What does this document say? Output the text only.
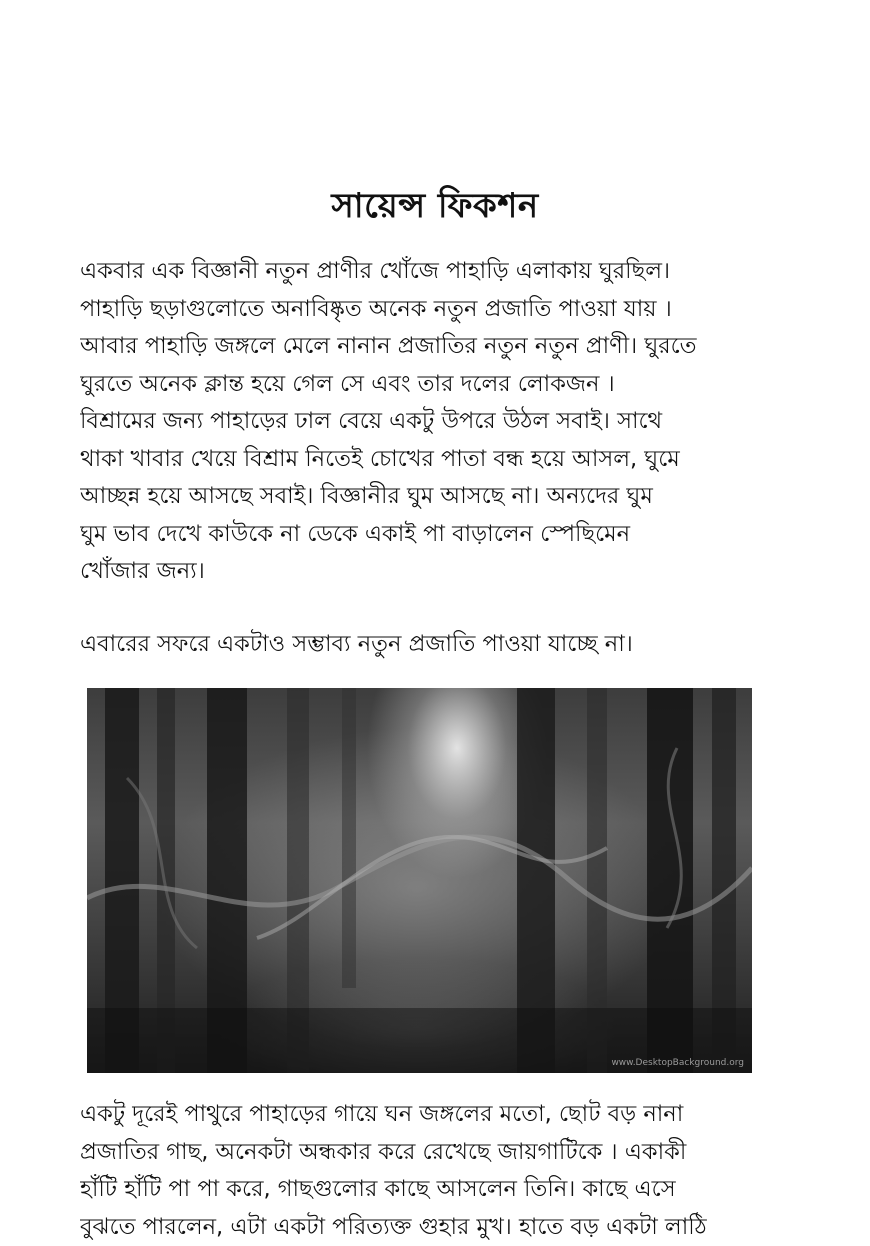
সায়েন্স ফিকশন
একবার এক বিজ্ঞানী নতুন প্রাণীর খোঁজে পাহাড়ি এলাকায় ঘুরছিল।
পাহাড়ি ছড়াগুলোতে অনাবিষ্কৃত অনেক নতুন প্রজাতি পাওয়া যায় ।
আবার পাহাড়ি জঙ্গলে মেলে নানান প্রজাতির নতুন নতুন প্রাণী। ঘুরতে
ঘুরতে অনেক ক্লান্ত হয়ে গেল সে এবং তার দলের লোকজন ।
বিশ্রামের জন্য পাহাড়ের ঢাল বেয়ে একটু উপরে উঠল সবাই। সাথে
থাকা খাবার খেয়ে বিশ্রাম নিতেই চোখের পাতা বন্ধ হয়ে আসল, ঘুমে
আচ্ছন্ন হয়ে আসছে সবাই। বিজ্ঞানীর ঘুম আসছে না। অন্যদের ঘুম
ঘুম ভাব দেখে কাউকে না ডেকে একাই পা বাড়ালেন স্পেছিমেন
খোঁজার জন্য।
এবারের সফরে একটাও সম্ভাব্য নতুন প্রজাতি পাওয়া যাচ্ছে না।
www.DesktopBackground.org
একটু দূরেই পাথুরে পাহাড়ের গায়ে ঘন জঙ্গলের মতো, ছোট বড় নানা
প্রজাতির গাছ, অনেকটা অন্ধকার করে রেখেছে জায়গাটিকে । একাকী
হাঁটি হাঁটি পা পা করে, গাছগুলোর কাছে আসলেন তিনি। কাছে এসে
বুঝতে পারলেন, এটা একটা পরিত্যক্ত গুহার মুখ। হাতে বড় একটা লাঠি
